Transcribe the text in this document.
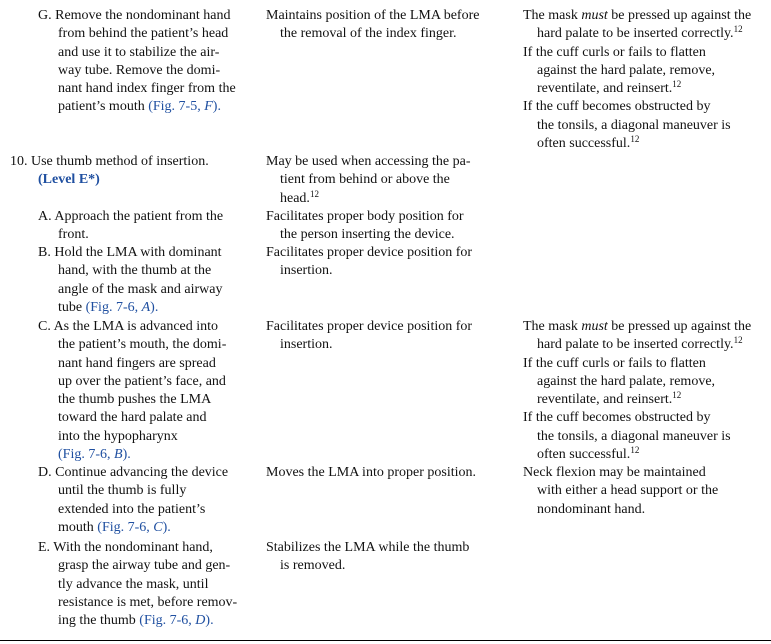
G. Remove the nondominant hand
from behind the patient’s head
and use it to stabilize the air-
way tube. Remove the domi-
nant hand index finger from the
patient’s mouth (Fig. 7-5, F).

Maintains position of the LMA before
the removal of the index finger.

The mask must be pressed up against the
hard palate to be inserted correctly.$^{12}$

If the cuff curls or fails to flatten
against the hard palate, remove,
reventilate, and reinsert.$^{12}$

If the cuff becomes obstructed by
the tonsils, a diagonal maneuver is
often successful.$^{12}$

10. Use thumb method of insertion.
(Level E*)

May be used when accessing the pa-
tient from behind or above the
head.$^{12}$

A. Approach the patient from the
front.

Facilitates proper body position for
the person inserting the device.

B. Hold the LMA with dominant
hand, with the thumb at the
angle of the mask and airway
tube (Fig. 7-6, A).

Facilitates proper device position for
insertion.

C. As the LMA is advanced into
the patient’s mouth, the domi-
nant hand fingers are spread
up over the patient’s face, and
the thumb pushes the LMA
toward the hard palate and
into the hypopharynx
(Fig. 7-6, B).

Facilitates proper device position for
insertion.

The mask must be pressed up against the
hard palate to be inserted correctly.$^{12}$

If the cuff curls or fails to flatten
against the hard palate, remove,
reventilate, and reinsert.$^{12}$

If the cuff becomes obstructed by
the tonsils, a diagonal maneuver is
often successful.$^{12}$

D. Continue advancing the device
until the thumb is fully
extended into the patient’s
mouth (Fig. 7-6, C).

Moves the LMA into proper position.	Neck flexion may be maintained
with either a head support or the
nondominant hand.

E. With the nondominant hand,
grasp the airway tube and gen-
tly advance the mask, until
resistance is met, before remov-
ing the thumb (Fig. 7-6, D).

Stabilizes the LMA while the thumb
is removed.
